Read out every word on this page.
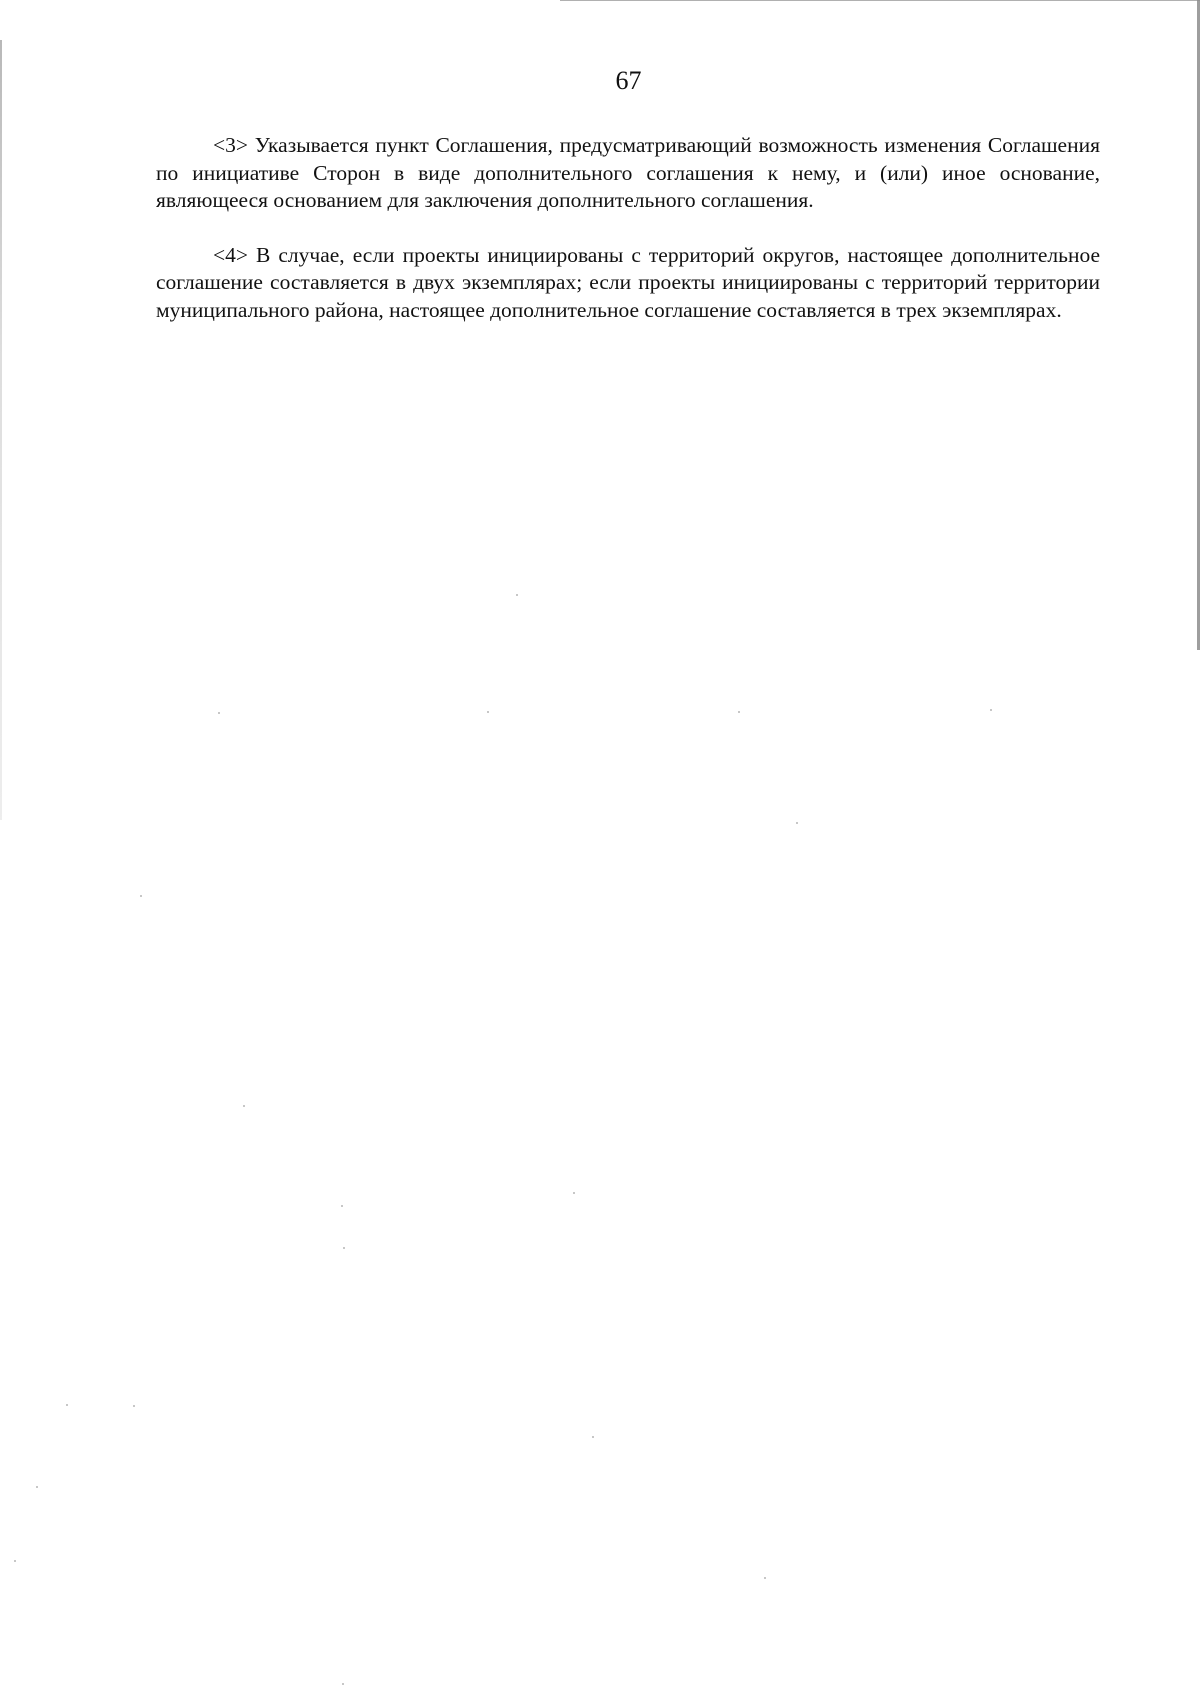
67

<3> Указывается пункт Соглашения, предусматривающий возможность изменения Соглашения по инициативе Сторон в виде дополнительного соглашения к нему, и (или) иное основание, являющееся основанием для заключения дополнительного соглашения.

<4> В случае, если проекты инициированы с территорий округов, настоящее дополнительное соглашение составляется в двух экземплярах; если проекты инициированы с территорий территории муниципального района, настоящее дополнительное соглашение составляется в трех экземплярах.
